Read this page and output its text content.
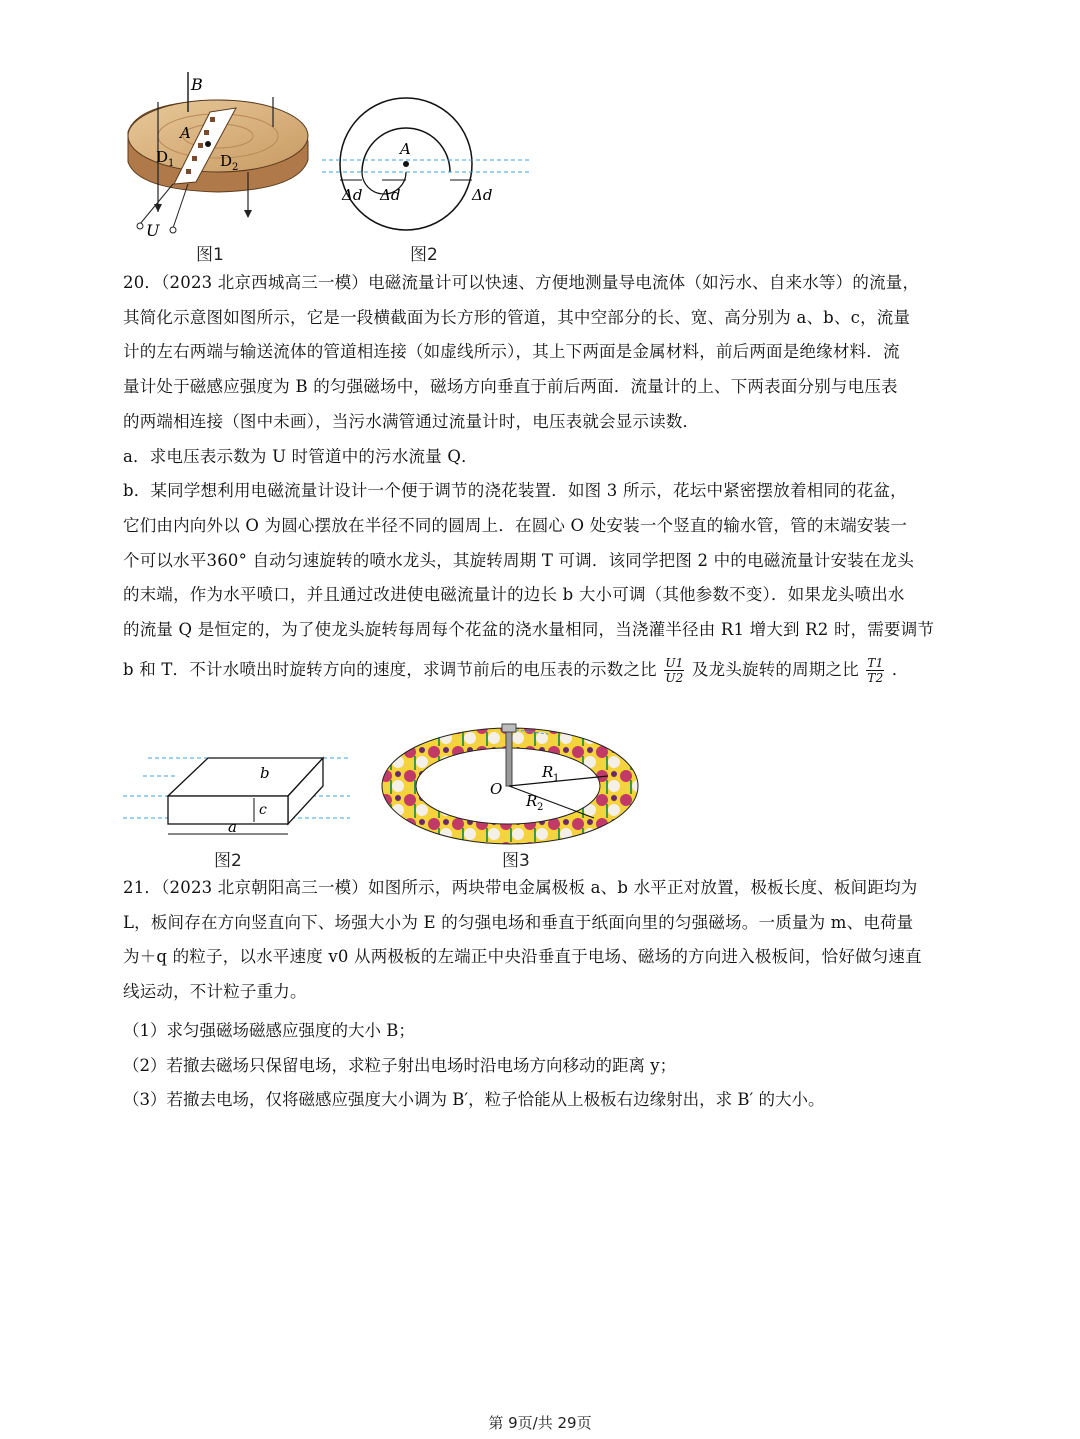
B
A
D 1	D 2
U
图1
A
Δd Δd	Δd
图2
20．（2023 北京西城高三一模）电磁流量计可以快速、方便地测量导电流体（如污水、自来水等）的流量，
其简化示意图如图所示，它是一段横截面为长方形的管道，其中空部分的长、宽、高分别为 a、b、c，流量
计的左右两端与输送流体的管道相连接（如虚线所示），其上下两面是金属材料，前后两面是绝缘材料．流
量计处于磁感应强度为 B 的匀强磁场中，磁场方向垂直于前后两面．流量计的上、下两表面分别与电压表
的两端相连接（图中未画），当污水满管通过流量计时，电压表就会显示读数．
a．求电压表示数为 U 时管道中的污水流量 Q．
b．某同学想利用电磁流量计设计一个便于调节的浇花装置．如图 3 所示，花坛中紧密摆放着相同的花盆，
它们由内向外以 O 为圆心摆放在半径不同的圆周上．在圆心 O 处安装一个竖直的输水管，管的末端安装一
个可以水平360° 自动匀速旋转的喷水龙头，其旋转周期 T 可调．该同学把图 2 中的电磁流量计安装在龙头
的末端，作为水平喷口，并且通过改进使电磁流量计的边长 b 大小可调（其他参数不变）．如果龙头喷出水
的流量 Q 是恒定的，为了使龙头旋转每周每个花盆的浇水量相同，当浇灌半径由 R1 增大到 R2 时，需要调节
b 和 T．不计水喷出时旋转方向的速度，求调节前后的电压表的示数之比 $\frac{U1}{U2}$ 及龙头旋转的周期之比 $\frac{T1}{T2}$ ．
b
c
a
图2
O
R 1
R 2
图3
21．（2023 北京朝阳高三一模）如图所示，两块带电金属极板 a、b 水平正对放置，极板长度、板间距均为
L，板间存在方向竖直向下、场强大小为 E 的匀强电场和垂直于纸面向里的匀强磁场。一质量为 m、电荷量
为＋q 的粒子，以水平速度 v0 从两极板的左端正中央沿垂直于电场、磁场的方向进入极板间，恰好做匀速直
线运动，不计粒子重力。
（1）求匀强磁场磁感应强度的大小 B；
（2）若撤去磁场只保留电场，求粒子射出电场时沿电场方向移动的距离 y；
（3）若撤去电场，仅将磁感应强度大小调为 B′，粒子恰能从上极板右边缘射出，求 B′ 的大小。
第 9页/共 29页
